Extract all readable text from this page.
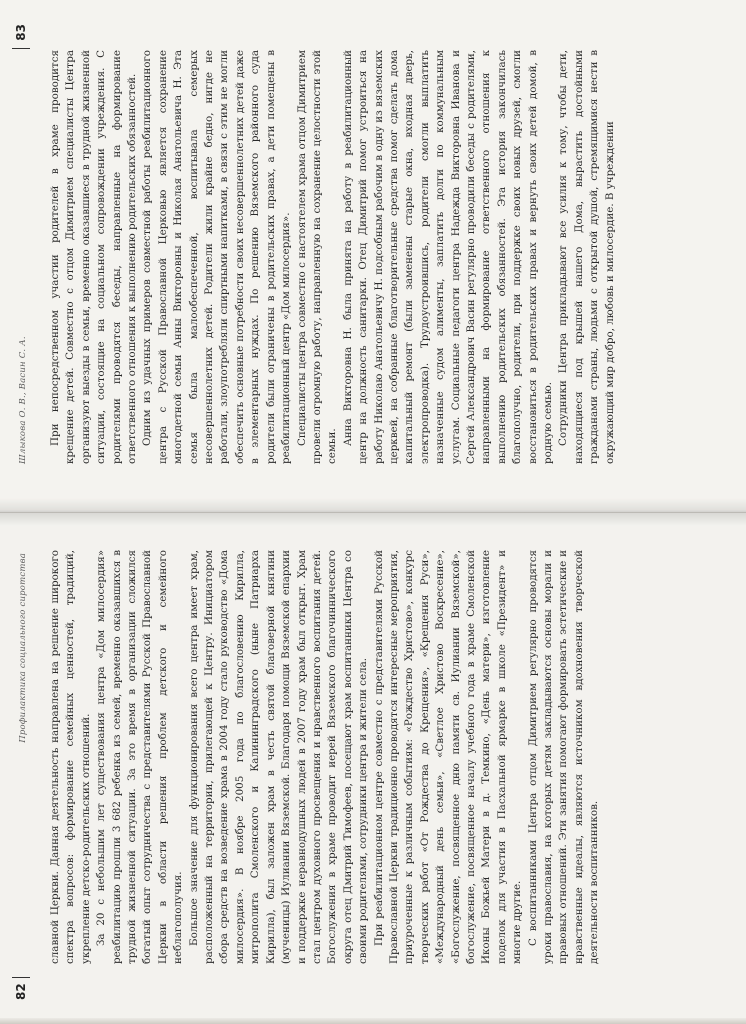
82
Профилактика социального сиротства славной Церкви. Данная деятельность направлена на решение широкого спектра вопросов: формирование семейных ценностей, традиций, укрепление детско-родительских отношений. За 20 с небольшим лет существования центра «Дом милосердия» реабилитацию прошли 3 682 ребенка из семей, временно оказавшихся в трудной жизненной ситуации. За это время в организации сложился богатый опыт сотрудничества с представителями Русской Православной Церкви в области решения проблем детского и семейного неблагополучия. Большое значение для функционирования всего центра имеет храм, расположенный на территории, прилегающей к Центру. Инициатором сбора средств на возведение храма в 2004 году стало руководство «Дома милосердия». В ноябре 2005 года по благословению Кирилла, митрополита Смоленского и Калининградского (ныне Патриарха Кирилла), был заложен храм в честь святой благоверной княгини (мученицы) Иулиании Вяземской. Благодаря помощи Вяземской епархии и поддержке неравнодушных людей в 2007 году храм был открыт. Храм стал центром духовного просвещения и нравственного воспитания детей. Богослужения в храме проводит иерей Вяземского благочиннического округа отец Дмитрий Тимофеев, посещают храм воспитанники Центра со своими родителями, сотрудники центра и жители села. При реабилитационном центре совместно с представителями Русской Православной Церкви традиционно проводятся интересные мероприятия, приуроченные к различным событиям: «Рождество Христово», конкурс творческих работ «От Рождества до Крещения», «Крещения Руси», «Международный день семьи», «Светлое Христово Воскресение», «Богослужение, посвященное дню памяти св. Иулиании Вяземской», богослужение, посвященное началу учебного года в храме Смоленской Иконы Божьей Матери в д. Темкино, «День матери», изготовление поделок для участия в Пасхальной ярмарке в школе «Президент» и многие другие. С воспитанниками Центра отцом Димитрием регулярно проводятся уроки православия, на которых детям закладываются основы морали и правовых отношений. Эти занятия помогают формировать эстетические и нравственные идеалы, являются источником вдохновения творческой деятельности воспитанников.

Шлыкова О. В., Васин С. А.
83

При непосредственном участии родителей в храме проводится крещение детей. Совместно с отцом Димитрием специалисты Центра организуют выезды в семьи, временно оказавшиеся в трудной жизненной ситуации, состоящие на социальном сопровождении учреждения. С родителями проводятся беседы, направленные на формирование ответственного отношения к выполнению родительских обязанностей. Одним из удачных примеров совместной работы реабилитационного центра с Русской Православной Церковью является сохранение многодетной семьи Анны Викторовны и Николая Анатольевича Н. Эта семья была малообеспеченной, воспитывала семерых несовершеннолетних детей. Родители жили крайне бедно, нигде не работали, злоупотребляли спиртными напитками, в связи с этим не могли обеспечить основные потребности своих несовершеннолетних детей даже в элементарных нуждах. По решению Вяземского районного суда родители были ограничены в родительских правах, а дети помещены в реабилитационный центр «Дом милосердия». Специалисты центра совместно с настоятелем храма отцом Димитрием провели огромную работу, направленную на сохранение целостности этой семьи.

Анна Викторовна Н. была принята на работу в реабилитационный центр на должность санитарки. Отец Димитрий помог устроиться на работу Николаю Анатольевичу Н. подсобным рабочим в одну из вяземских церквей, на собранные благотворительные средства помог сделать дома капитальный ремонт (были заменены старые окна, входная дверь, электропроводка). Трудоустроившись, родители смогли выплатить назначенные судом алименты, заплатить долги по коммунальным услугам. Социальные педагоги центра Надежда Викторовна Иванова и Сергей Александрович Васин регулярно проводили беседы с родителями, направленными на формирование ответственного отношения к выполнению родительских обязанностей. Эта история закончилась благополучно, родители, при поддержке своих новых друзей, смогли восстановиться в родительских правах и вернуть своих детей домой, в родную семью. Сотрудники Центра прикладывают все усилия к тому, чтобы дети, находящиеся под крышей нашего Дома, вырастить достойными гражданами страны, людьми с открытой душой, стремящимися нести в окружающий мир добро, любовь и милосердие. В учреждении
